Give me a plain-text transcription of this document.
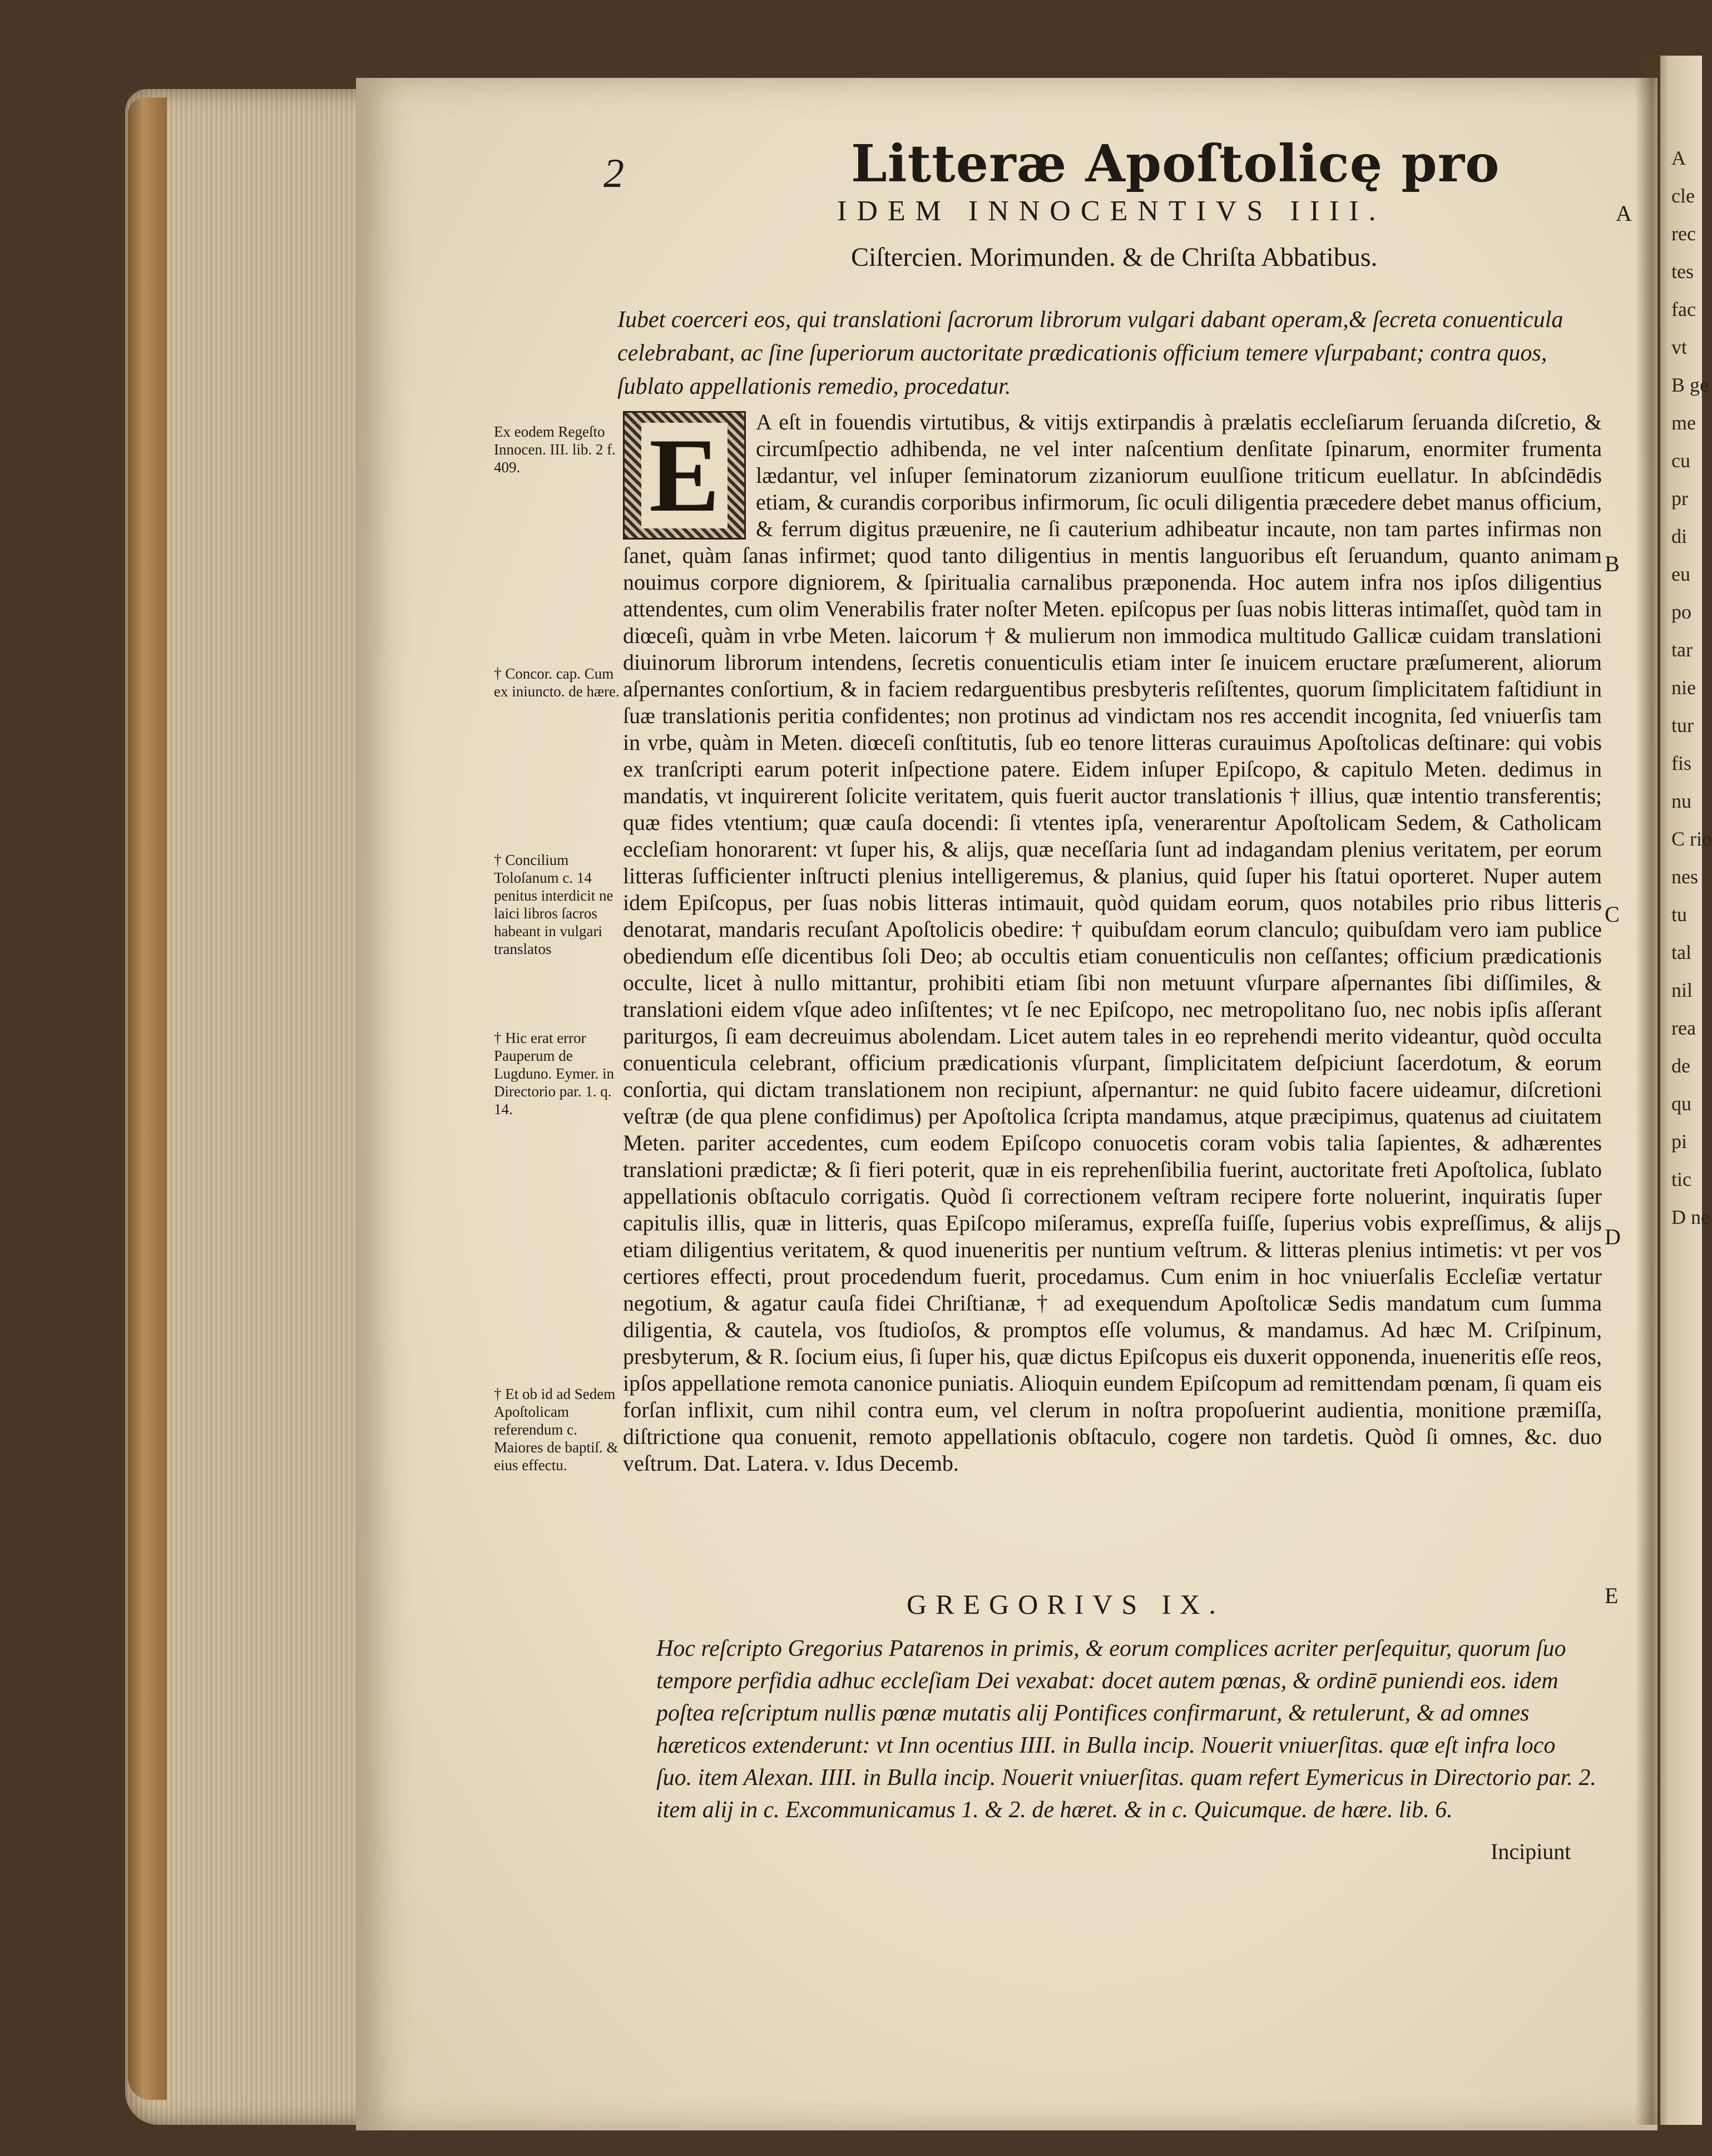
A
cle
rec
tes
fac
vt
B ge
me
cu
pr
di
eu
po
tar
nie
tur
fis
nu
C rio
nes
tu
tal
nil
rea
de
qu
pi
tic
D ne
2	Litteræ Apoſtolicę pro
IDEM INNOCENTIVS IIII.
Ciſtercien. Morimunden. & de Chriſta Abbatibus.
Iubet coerceri eos, qui translationi ſacrorum librorum vulgari dabant operam,& ſecreta conuenticula celebrabant, ac ſine ſuperiorum auctoritate prædicationis officium temere vſurpabant; contra quos, ſublato appellationis remedio, procedatur.
Ex eodem Regeſto Innocen. III. lib. 2 f. 409.
† Concor. cap. Cum ex iniuncto. de hære.
† Concilium Toloſanum c. 14 penitus interdicit ne laici libros ſacros habeant in vulgari translatos
† Hic erat error Pauperum de Lugduno. Eymer. in Directorio par. 1. q. 14.
† Et ob id ad Sedem Apoſtolicam referendum c. Maiores de baptiſ. & eius effectu.
B
C
D
E
A
E	A eſt in fouendis virtutibus, & vitijs extirpandis à prælatis eccleſiarum ſeruanda diſcretio, & circumſpectio adhibenda, ne vel inter naſcentium denſitate ſpinarum, enormiter frumenta lædantur, vel inſuper ſeminatorum zizaniorum euulſione triticum euellatur. In abſcindēdis etiam, & curandis corporibus infirmorum, ſic oculi diligentia præcedere debet manus officium, & ferrum digitus præuenire, ne ſi cauterium adhibeatur incaute, non tam partes infirmas non ſanet, quàm ſanas infirmet; quod tanto diligentius in mentis languoribus eſt ſeruandum, quanto animam nouimus corpore digniorem, & ſpiritualia carnalibus præponenda. Hoc autem infra nos ipſos diligentius attendentes, cum olim Venerabilis frater noſter Meten. epiſcopus per ſuas nobis litteras intimaſſet, quòd tam in diœceſi, quàm in vrbe Meten. laicorum † & mulierum non immodica multitudo Gallicæ cuidam translationi diuinorum librorum intendens, ſecretis conuenticulis etiam inter ſe inuicem eructare præſumerent, aliorum aſpernantes conſortium, & in faciem redarguentibus presbyteris reſiſtentes, quorum ſimplicitatem faſtidiunt in ſuæ translationis peritia confidentes; non protinus ad vindictam nos res accendit incognita, ſed vniuerſis tam in vrbe, quàm in Meten. diœceſi conſtitutis, ſub eo tenore litteras curauimus Apoſtolicas deſtinare: qui vobis ex tranſcripti earum poterit inſpectione patere. Eidem inſuper Epiſcopo, & capitulo Meten. dedimus in mandatis, vt inquirerent ſolicite veritatem, quis fuerit auctor translationis † illius, quæ intentio transferentis; quæ fides vtentium; quæ cauſa docendi: ſi vtentes ipſa, venerarentur Apoſtolicam Sedem, & Catholicam eccleſiam honorarent: vt ſuper his, & alijs, quæ neceſſaria ſunt ad indagandam plenius veritatem, per eorum litteras ſufficienter inſtructi plenius intelligeremus, & planius, quid ſuper his ſtatui oporteret. Nuper autem idem Epiſcopus, per ſuas nobis litteras intimauit, quòd quidam eorum, quos notabiles prio ribus litteris denotarat, mandaris recuſant Apoſtolicis obedire: † quibuſdam eorum clanculo; quibuſdam vero iam publice obediendum eſſe dicentibus ſoli Deo; ab occultis etiam conuenticulis non ceſſantes; officium prædicationis occulte, licet à nullo mittantur, prohibiti etiam ſibi non metuunt vſurpare aſpernantes ſibi diſſimiles, & translationi eidem vſque adeo inſiſtentes; vt ſe nec Epiſcopo, nec metropolitano ſuo, nec nobis ipſis aſſerant pariturgos, ſi eam decreuimus abolendam. Licet autem tales in eo reprehendi merito videantur, quòd occulta conuenticula celebrant, officium prædicationis vſurpant, ſimplicitatem deſpiciunt ſacerdotum, & eorum conſortia, qui dictam translationem non recipiunt, aſpernantur: ne quid ſubito facere uideamur, diſcretioni veſtræ (de qua plene confidimus) per Apoſtolica ſcripta mandamus, atque præcipimus, quatenus ad ciuitatem Meten. pariter accedentes, cum eodem Epiſcopo conuocetis coram vobis talia ſapientes, & adhærentes translationi prædictæ; & ſi fieri poterit, quæ in eis reprehenſibilia fuerint, auctoritate freti Apoſtolica, ſublato appellationis obſtaculo corrigatis. Quòd ſi correctionem veſtram recipere forte noluerint, inquiratis ſuper capitulis illis, quæ in litteris, quas Epiſcopo miſeramus, expreſſa fuiſſe, ſuperius vobis expreſſimus, & alijs etiam diligentius veritatem, & quod inueneritis per nuntium veſtrum. & litteras plenius intimetis: vt per vos certiores effecti, prout procedendum fuerit, procedamus. Cum enim in hoc vniuerſalis Eccleſiæ vertatur negotium, & agatur cauſa fidei Chriſtianæ, † ad exequendum Apoſtolicæ Sedis mandatum cum ſumma diligentia, & cautela, vos ſtudioſos, & promptos eſſe volumus, & mandamus. Ad hæc M. Criſpinum, presbyterum, & R. ſocium eius, ſi ſuper his, quæ dictus Epiſcopus eis duxerit opponenda, inueneritis eſſe reos, ipſos appellatione remota canonice puniatis. Alioquin eundem Epiſcopum ad remittendam pœnam, ſi quam eis forſan inflixit, cum nihil contra eum, vel clerum in noſtra propoſuerint audientia, monitione præmiſſa, diſtrictione qua conuenit, remoto appellationis obſtaculo, cogere non tardetis. Quòd ſi omnes, &c. duo veſtrum. Dat. Latera. v. Idus Decemb.
GREGORIVS IX.
Hoc reſcripto Gregorius Patarenos in primis, & eorum complices acriter perſequitur, quorum ſuo tempore perfidia adhuc eccleſiam Dei vexabat: docet autem pœnas, & ordinē puniendi eos. idem poſtea reſcriptum nullis pœnæ mutatis alij Pontifices confirmarunt, & retulerunt, & ad omnes hæreticos extenderunt: vt Inn ocentius IIII. in Bulla incip. Nouerit vniuerſitas. quæ eſt infra loco ſuo. item Alexan. IIII. in Bulla incip. Nouerit vniuerſitas. quam refert Eymericus in Directorio par. 2. item alij in c. Excommunicamus 1. & 2. de hæret. & in c. Quicumque. de hære. lib. 6.
Incipiunt
